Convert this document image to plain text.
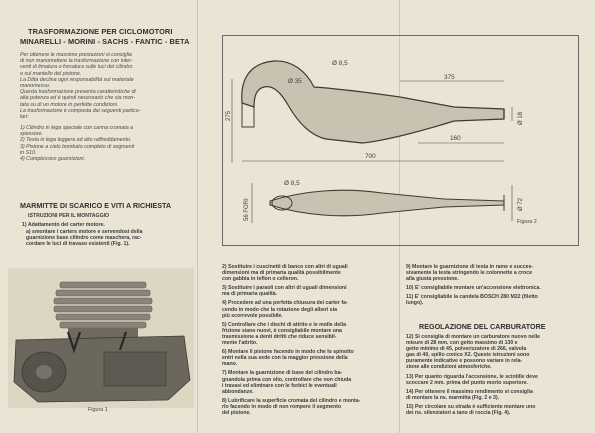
TRASFORMAZIONE PER CICLOMOTORI
MINARELLI - MORINI - SACHS - FANTIC - BETA
Per ottenere le massime prestazioni si consiglia
di non manomettere la trasformazione con inter-
venti di limatura o fresatura sulle luci del cilindro
o sul mantello del pistone.
La Ditta declina ogni responsabilità sul materiale
manomesso.
Questa trasformazione presenta caratteristiche di
alta potenza ed è quindi necessario che sia mon-
tata su di un motore in perfette condizioni.
La trasformazione è composta dai seguenti partico-
lari:
1) Cilindro in lega speciale con canna cromata a
spessore.
2) Testa in lega leggera ad alto raffreddamento.
3) Pistone a cielo bombato completo di segmenti
in S10.
4) Complessivo guarnizioni.
MARMITTE DI SCARICO E VITI A RICHIESTA
ISTRUZIONI PER IL MONTAGGIO
1) Adattamento del carter motore.
a) smontare i carters motore e servendosi della
guarnizione base cilindro come maschera, rac-
cordare le luci di travaso esistenti (Fig. 1).
Figura 1
Ø 35
Ø 8,5
375
275	Ø 18
160
700
56 FORI
Ø 8,5
Ø 72
Figura 2
2) Sostituire i cuscinetti di banco con altri di uguali
dimensioni ma di primaria qualità possibilmente
con gabbia in teflon o celleron.
3) Sostituire i paraoli con altri di uguali dimensioni
ma di primaria qualità.
4) Procedere ad una perfetta chiusura dei carter fa-
cendo in modo che la rotazione degli alberi sia
più scorrevole possibile.
5) Controllare che i dischi di attrito e le molle della
frizione siano nuovi, è consigliabile montare una
trasmissione a denti diritti che riduce sensibil-
mente l'attrito.
6) Montare il pistone facendo in modo che lo spinotto
entri nella sua sede con la maggior pressione della
mano.
7) Montare la guarnizione di base del cilindro ba-
gnandola prima con olio, controllare che non chiuda
i travasi ed eliminare con le forbici le eventuali
abbondanze.
8) Lubrificare la superficie cromata del cilindro e monta-
rlo facendo in modo di non rompere il segmento
del pistone.
9) Montare le guarnizione di testa in rame e succes-
sivamente la testa stringendo le colonnette a croce
alla giusta pressione.
10) E' consigliabile montare un'accensione elettronica.
11) E' consigliabile la candela BOSCH 280 M22 (filetto
lungo).
REGOLAZIONE DEL CARBURATORE
12) Si consiglia di montare un carburatore nuovo nelle
misure di 28 mm. con getto massimo di 130 e
getto minimo di 45, polverizzatore di 266, valvola
gas di 40, spillo conico X2. Queste istruzioni sono
puramente indicative e possono variare in rela-
zione alle condizioni atmosferiche.
13) Per quanto riguarda l'accensione, le scintille deve
scoccare 2 mm. prima del punto morto superiore.
14) Per ottenere il massimo rendimento si consiglia
di montare la ns. marmitta (Fig. 2 e 3).
15) Per circolare su strada è sufficiente montare uno
dei ns. silenziatori a tano di roccia (Fig. 4).
